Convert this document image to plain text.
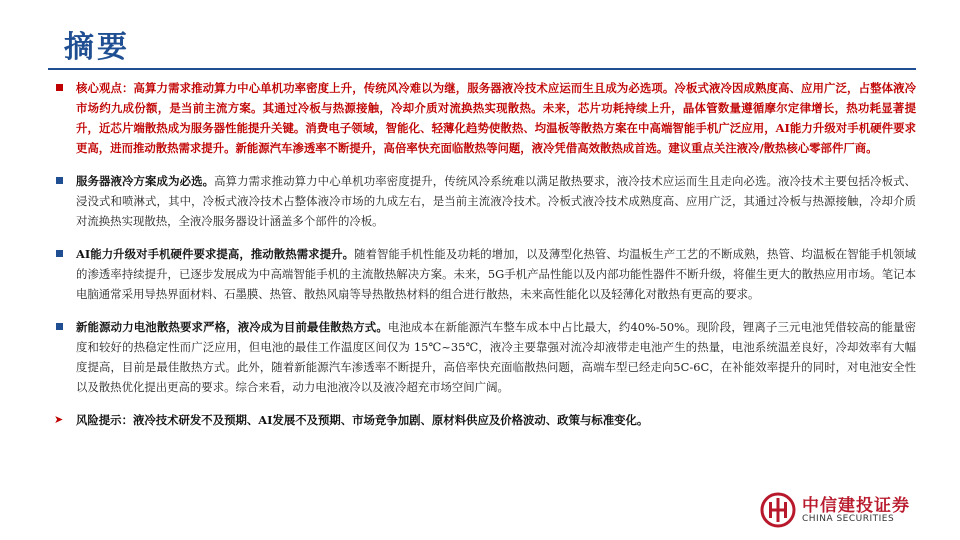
摘要

核心观点：高算力需求推动算力中心单机功率密度上升，传统风冷难以为继，服务器液冷技术应运而生且成为必选项。冷板式液冷因成熟度高、应用广泛，占整体液冷市场约九成份额，是当前主流方案。其通过冷板与热源接触，冷却介质对流换热实现散热。未来，芯片功耗持续上升，晶体管数量遵循摩尔定律增长，热功耗显著提升，近芯片端散热成为服务器性能提升关键。消费电子领域，智能化、轻薄化趋势使散热、均温板等散热方案在中高端智能手机广泛应用，AI能力升级对手机硬件要求更高，进而推动散热需求提升。新能源汽车渗透率不断提升，高倍率快充面临散热等问题，液冷凭借高效散热成首选。建议重点关注液冷/散热核心零部件厂商。

服务器液冷方案成为必选。高算力需求推动算力中心单机功率密度提升，传统风冷系统难以满足散热要求，液冷技术应运而生且走向必选。液冷技术主要包括冷板式、浸没式和喷淋式，其中，冷板式液冷技术占整体液冷市场的九成左右，是当前主流液冷技术。冷板式液冷技术成熟度高、应用广泛，其通过冷板与热源接触，冷却介质对流换热实现散热，全液冷服务器设计涵盖多个部件的冷板。

AI能力升级对手机硬件要求提高，推动散热需求提升。随着智能手机性能及功耗的增加，以及薄型化热管、均温板生产工艺的不断成熟，热管、均温板在智能手机领域的渗透率持续提升，已逐步发展成为中高端智能手机的主流散热解决方案。未来，5G手机产品性能以及内部功能性器件不断升级，将催生更大的散热应用市场。笔记本电脑通常采用导热界面材料、石墨膜、热管、散热风扇等导热散热材料的组合进行散热，未来高性能化以及轻薄化对散热有更高的要求。

新能源动力电池散热要求严格，液冷成为目前最佳散热方式。电池成本在新能源汽车整车成本中占比最大，约40%-50%。现阶段，锂离子三元电池凭借较高的能量密度和较好的热稳定性而广泛应用，但电池的最佳工作温度区间仅为 15℃~35℃，液冷主要靠强对流冷却液带走电池产生的热量，电池系统温差良好，冷却效率有大幅度提高，目前是最佳散热方式。此外，随着新能源汽车渗透率不断提升，高倍率快充面临散热问题，高端车型已经走向5C-6C，在补能效率提升的同时，对电池安全性以及散热优化提出更高的要求。综合来看，动力电池液冷以及液冷超充市场空间广阔。

➤ 风险提示：液冷技术研发不及预期、AI发展不及预期、市场竞争加剧、原材料供应及价格波动、政策与标准变化。

中信建投证券
CHINA SECURITIES
